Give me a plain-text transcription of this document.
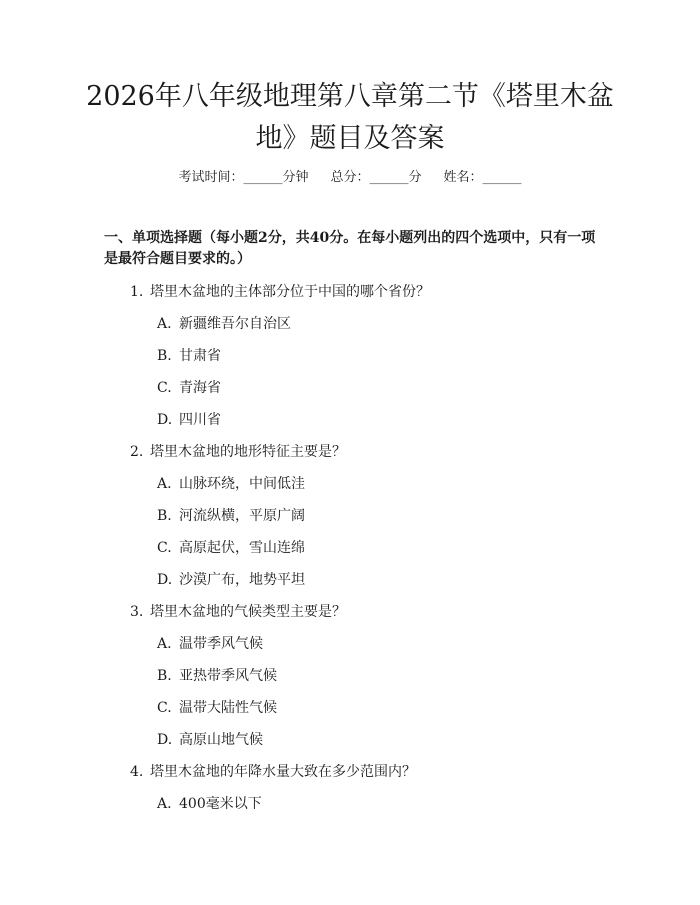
2026年八年级地理第八章第二节《塔里木盆地》题目及答案
考试时间：______分钟 总分：______分 姓名：______
一、单项选择题（每小题2分，共40分。在每小题列出的四个选项中，只有一项是最符合题目要求的。）
1. 塔里木盆地的主体部分位于中国的哪个省份？
A. 新疆维吾尔自治区
B. 甘肃省
C. 青海省
D. 四川省
2. 塔里木盆地的地形特征主要是？
A. 山脉环绕，中间低洼
B. 河流纵横，平原广阔
C. 高原起伏，雪山连绵
D. 沙漠广布，地势平坦
3. 塔里木盆地的气候类型主要是？
A. 温带季风气候
B. 亚热带季风气候
C. 温带大陆性气候
D. 高原山地气候
4. 塔里木盆地的年降水量大致在多少范围内？
A. 400毫米以下
